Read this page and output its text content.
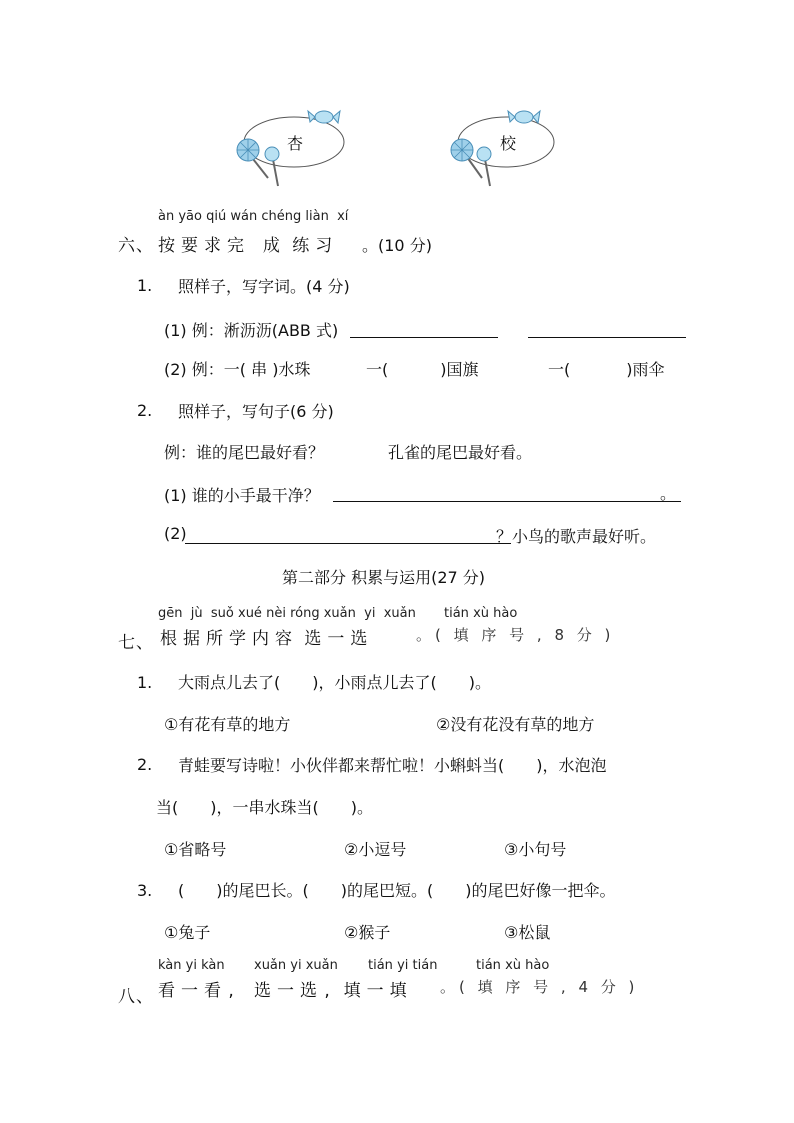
杏	校
àn yāo qiú wán chéng liàn xí
六、 按要求完 成 练习 。(10 分)
1. 照样子，写字词。(4 分)
(1) 例：淅沥沥(ABB 式)
(2) 例：一( 串 )水珠	一(	)国旗	一(	)雨伞
2. 照样子，写句子(6 分)
例：谁的尾巴最好看？	孔雀的尾巴最好看。
(1) 谁的小手最干净？	。
(2)	？小鸟的歌声最好听。
第二部分 积累与运用(27 分)
gēn jù suǒ xué nèi róng xuǎn yi xuǎn tián xù hào
七、 根据所学内容 选一选	。( 填 序 号 , 8 分 )
1. 大雨点儿去了(　　)，小雨点儿去了(　　)。
①有花有草的地方	②没有花没有草的地方
2. 青蛙要写诗啦！小伙伴都来帮忙啦！小蝌蚪当(　　)，水泡泡
当(　　)，一串水珠当(　　)。
①省略号	②小逗号	③小句号
3. (　　)的尾巴长。(　　)的尾巴短。(　　)的尾巴好像一把伞。
①兔子	②猴子	③松鼠
kàn yi kàn xuǎn yi xuǎn tián yi tián	tián xù hào
八、 看一看 ,   选一选 ,  填一填 。( 填 序 号 , 4 分 )
